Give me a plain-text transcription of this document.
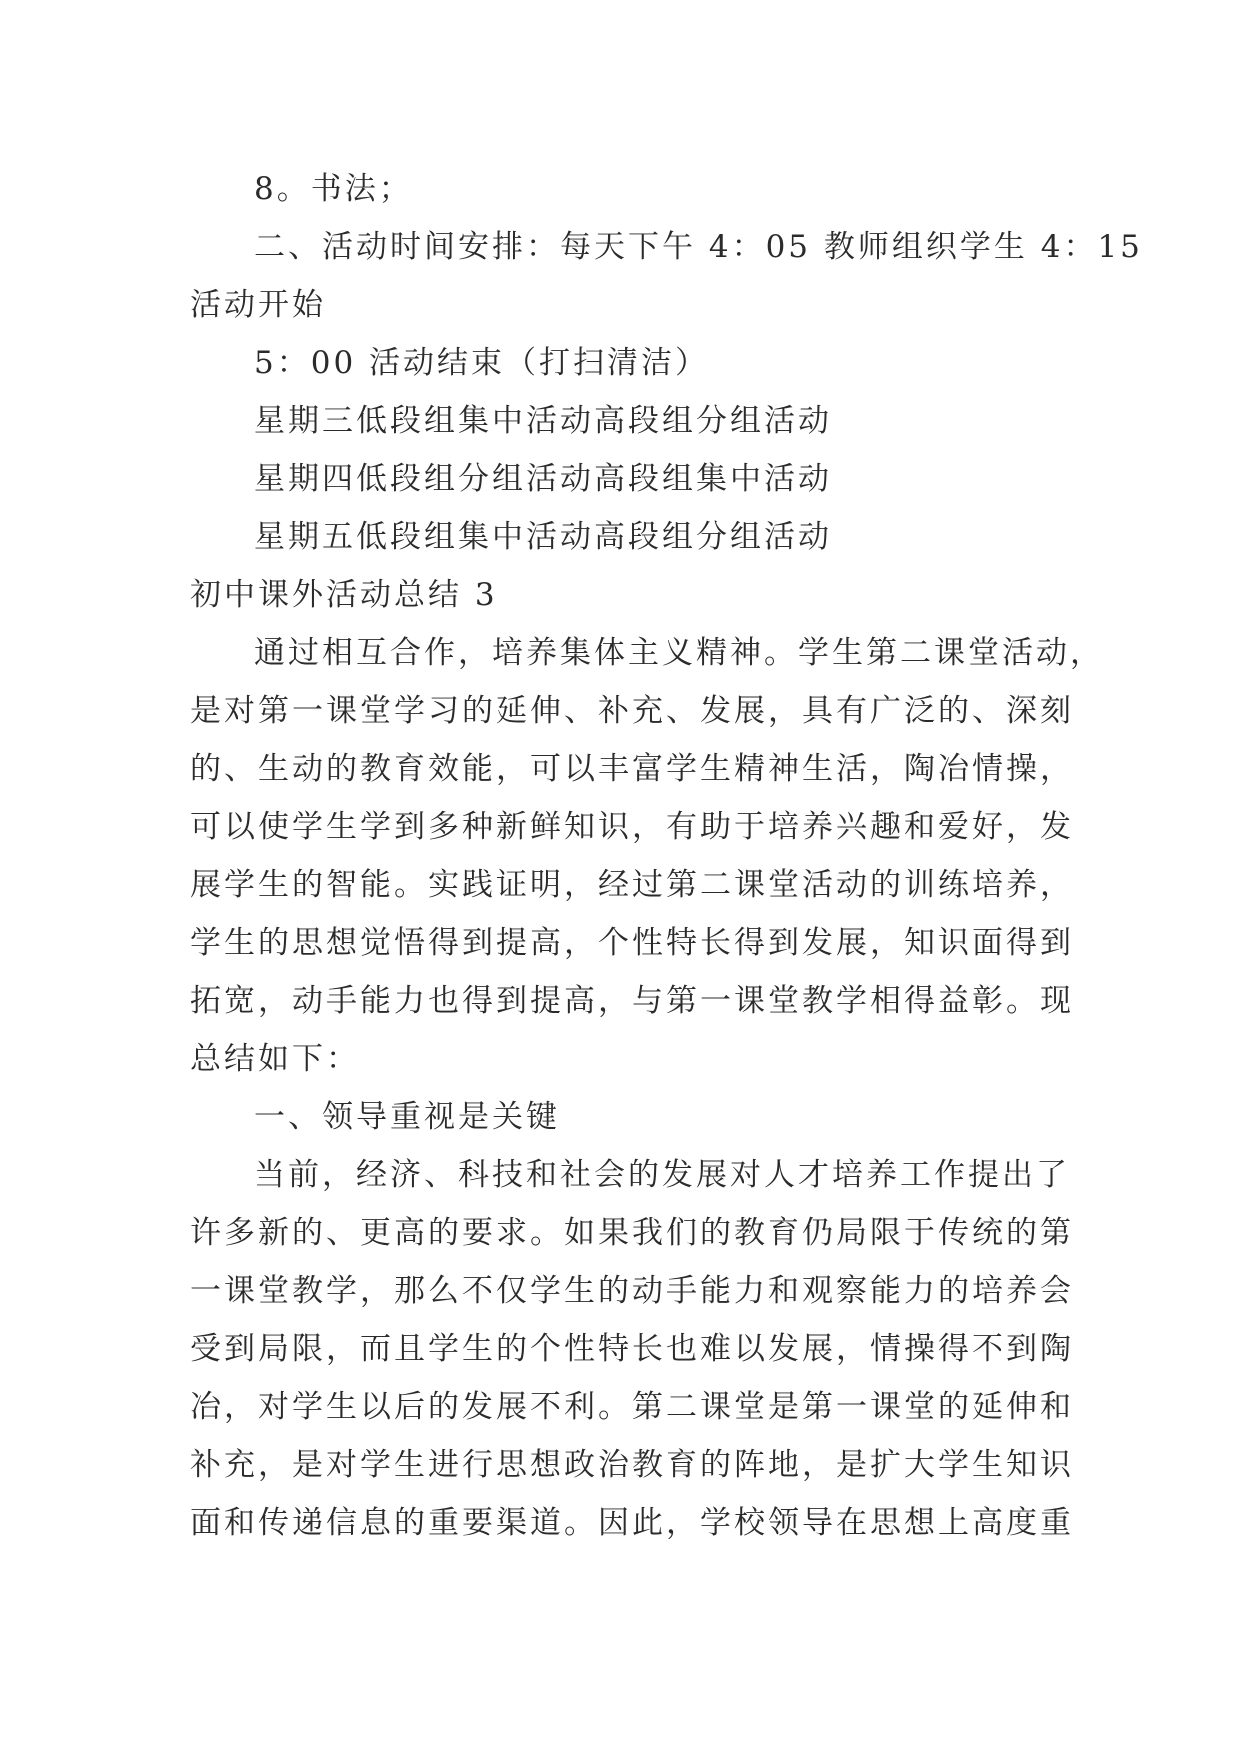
8。书法；
二、活动时间安排：每天下午 4：05 教师组织学生 4：15
活动开始
5：00 活动结束（打扫清洁）
星期三低段组集中活动高段组分组活动
星期四低段组分组活动高段组集中活动
星期五低段组集中活动高段组分组活动
初中课外活动总结 3
通过相互合作，培养集体主义精神。学生第二课堂活动，
是对第一课堂学习的延伸、补充、发展，具有广泛的、深刻
的、生动的教育效能，可以丰富学生精神生活，陶冶情操，
可以使学生学到多种新鲜知识，有助于培养兴趣和爱好，发
展学生的智能。实践证明，经过第二课堂活动的训练培养，
学生的思想觉悟得到提高，个性特长得到发展，知识面得到
拓宽，动手能力也得到提高，与第一课堂教学相得益彰。现
总结如下：
一、领导重视是关键
当前，经济、科技和社会的发展对人才培养工作提出了
许多新的、更高的要求。如果我们的教育仍局限于传统的第
一课堂教学，那么不仅学生的动手能力和观察能力的培养会
受到局限，而且学生的个性特长也难以发展，情操得不到陶
冶，对学生以后的发展不利。第二课堂是第一课堂的延伸和
补充，是对学生进行思想政治教育的阵地，是扩大学生知识
面和传递信息的重要渠道。因此，学校领导在思想上高度重
